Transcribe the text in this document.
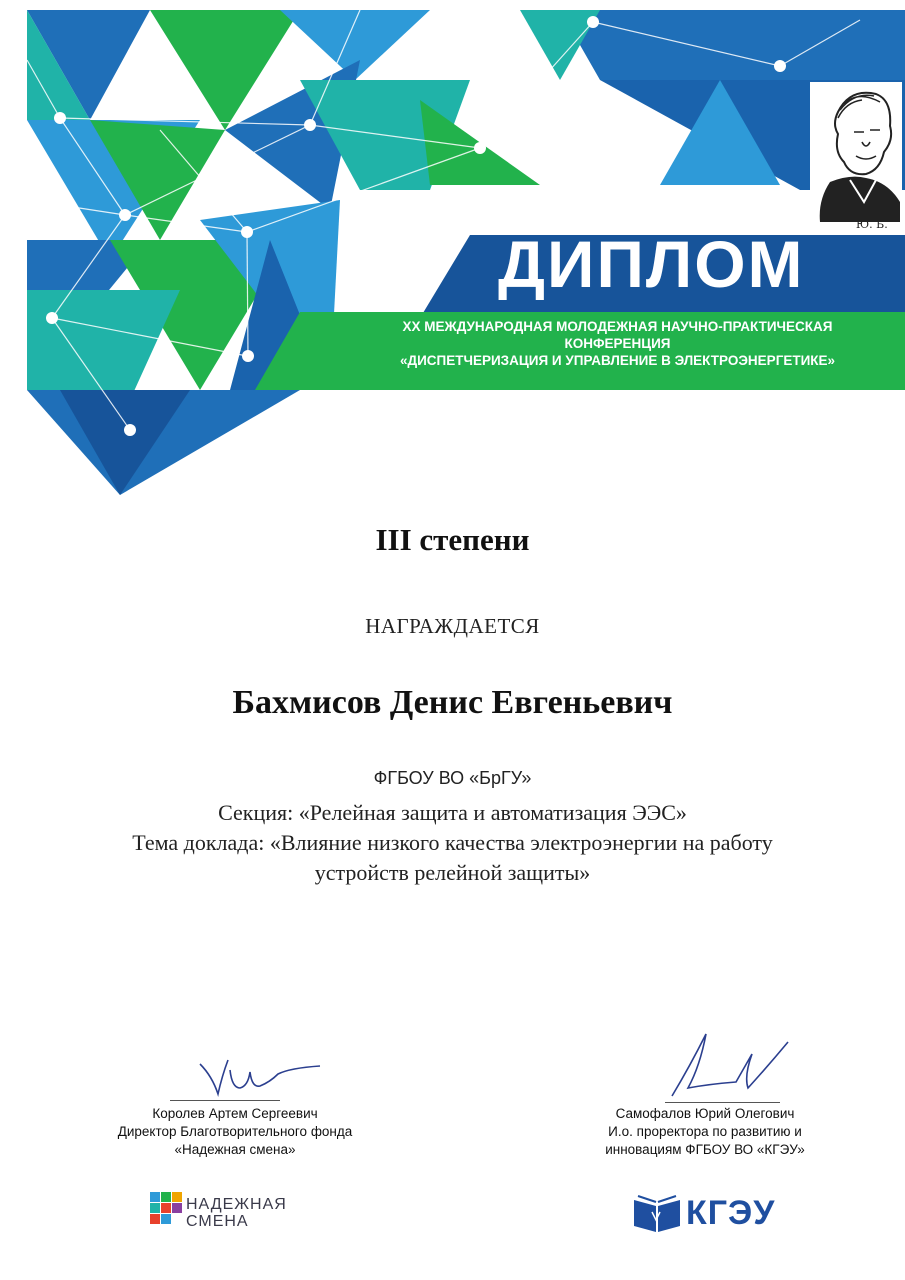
Ю. Б.
ДИПЛОМ
XX МЕЖДУНАРОДНАЯ МОЛОДЕЖНАЯ НАУЧНО-ПРАКТИЧЕСКАЯ
КОНФЕРЕНЦИЯ
«ДИСПЕТЧЕРИЗАЦИЯ И УПРАВЛЕНИЕ В ЭЛЕКТРОЭНЕРГЕТИКЕ»
III степени
НАГРАЖДАЕТСЯ
Бахмисов Денис Евгеньевич
ФГБОУ ВО «БрГУ»
Секция: «Релейная защита и автоматизация ЭЭС»
Тема доклада: «Влияние низкого качества электроэнергии на работу
устройств релейной защиты»
Королев Артем Сергеевич
Директор Благотворительного фонда
«Надежная смена»
Самофалов Юрий Олегович
И.о. проректора по развитию и
инновациям ФГБОУ ВО «КГЭУ»
НАДЕЖНАЯ
СМЕНА	КГЭУ
